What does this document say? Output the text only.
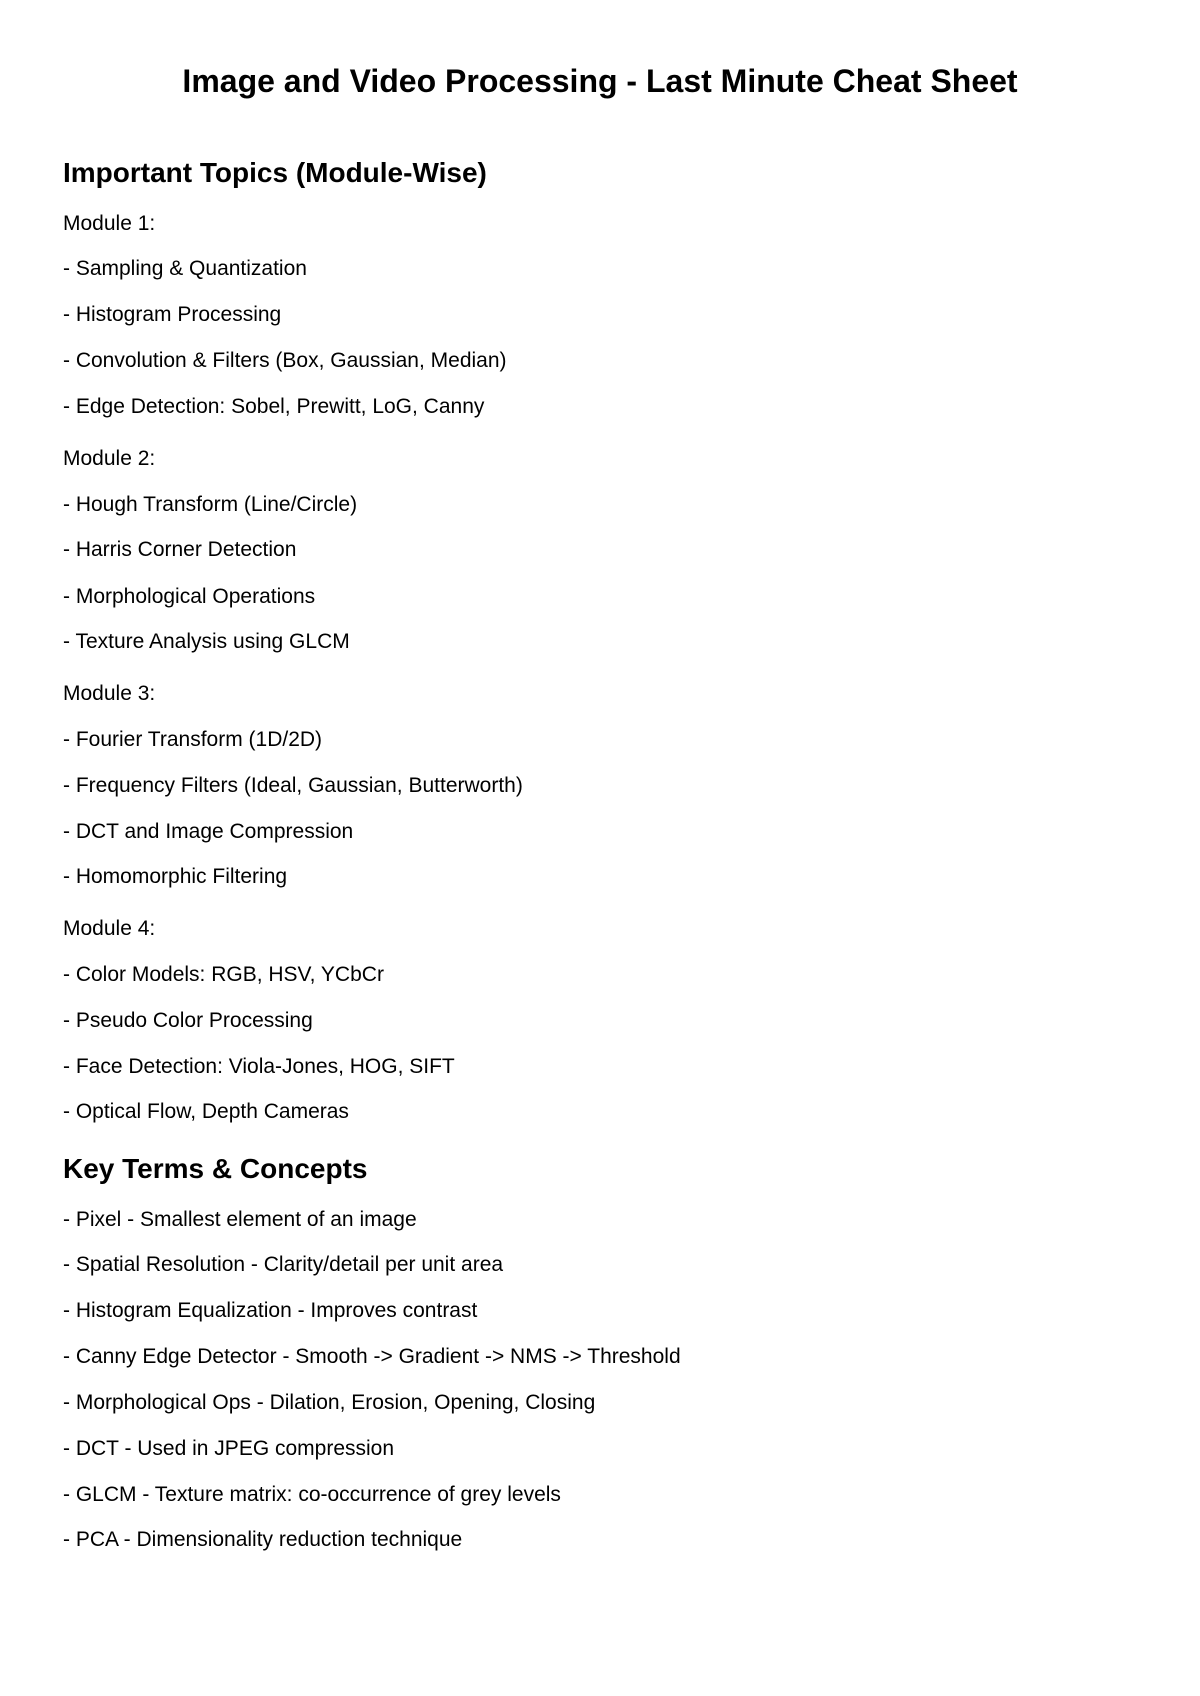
Image and Video Processing - Last Minute Cheat Sheet
Important Topics (Module-Wise)
Module 1:
- Sampling & Quantization
- Histogram Processing
- Convolution & Filters (Box, Gaussian, Median)
- Edge Detection: Sobel, Prewitt, LoG, Canny
Module 2:
- Hough Transform (Line/Circle)
- Harris Corner Detection
- Morphological Operations
- Texture Analysis using GLCM
Module 3:
- Fourier Transform (1D/2D)
- Frequency Filters (Ideal, Gaussian, Butterworth)
- DCT and Image Compression
- Homomorphic Filtering
Module 4:
- Color Models: RGB, HSV, YCbCr
- Pseudo Color Processing
- Face Detection: Viola-Jones, HOG, SIFT
- Optical Flow, Depth Cameras
Key Terms & Concepts
- Pixel - Smallest element of an image
- Spatial Resolution - Clarity/detail per unit area
- Histogram Equalization - Improves contrast
- Canny Edge Detector - Smooth -> Gradient -> NMS -> Threshold
- Morphological Ops - Dilation, Erosion, Opening, Closing
- DCT - Used in JPEG compression
- GLCM - Texture matrix: co-occurrence of grey levels
- PCA - Dimensionality reduction technique
